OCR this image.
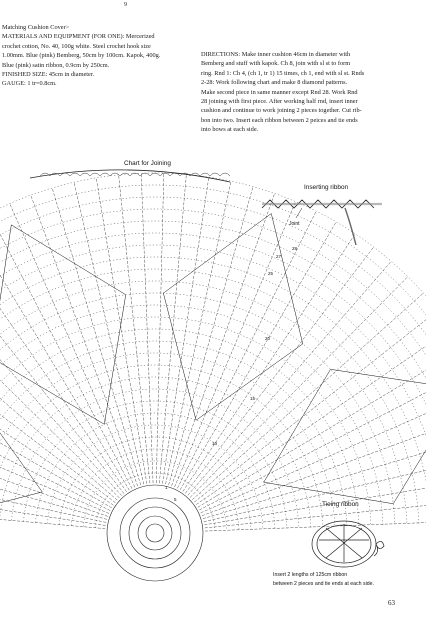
9

Matching Cushion Cover>

MATERIALS AND EQUIPMENT (FOR ONE): Mercerized

crochet cotton, No. 40, 100g white. Steel crochet hook size

1.00mm. Blue (pink) Bemberg, 50cm by 100cm. Kapok, 400g.

Blue (pink) satin ribbon, 0.9cm by 250cm.

FINISHED SIZE: 45cm in diameter.

GAUGE: 1 tr=0.8cm.

DIRECTIONS: Make inner cushion 46cm in diameter with

Bemberg and stuff with kapok. Ch 8, join with sl st to form

ring. Rnd 1: Ch 4, (ch 1, tr 1) 15 times, ch 1, end with sl st. Rnds

2-28: Work following chart and make 8 diamond patterns.

Make second piece in same manner except Rnd 28. Work Rnd

28 joining with first piece. After working half rnd, insert inner

cushion and continue to work joining 2 pieces together. Cut rib-

bon into two. Insert each ribbon between 2 peices and tie ends

into bows at each side.

Chart for Joining
Inserting ribbon
Joint
Tieing ribbon
Insert 2 lengths of 125cm ribbon
between 2 pieces and tie ends at each side.
1
5
10
15
20
25
27
28
63
